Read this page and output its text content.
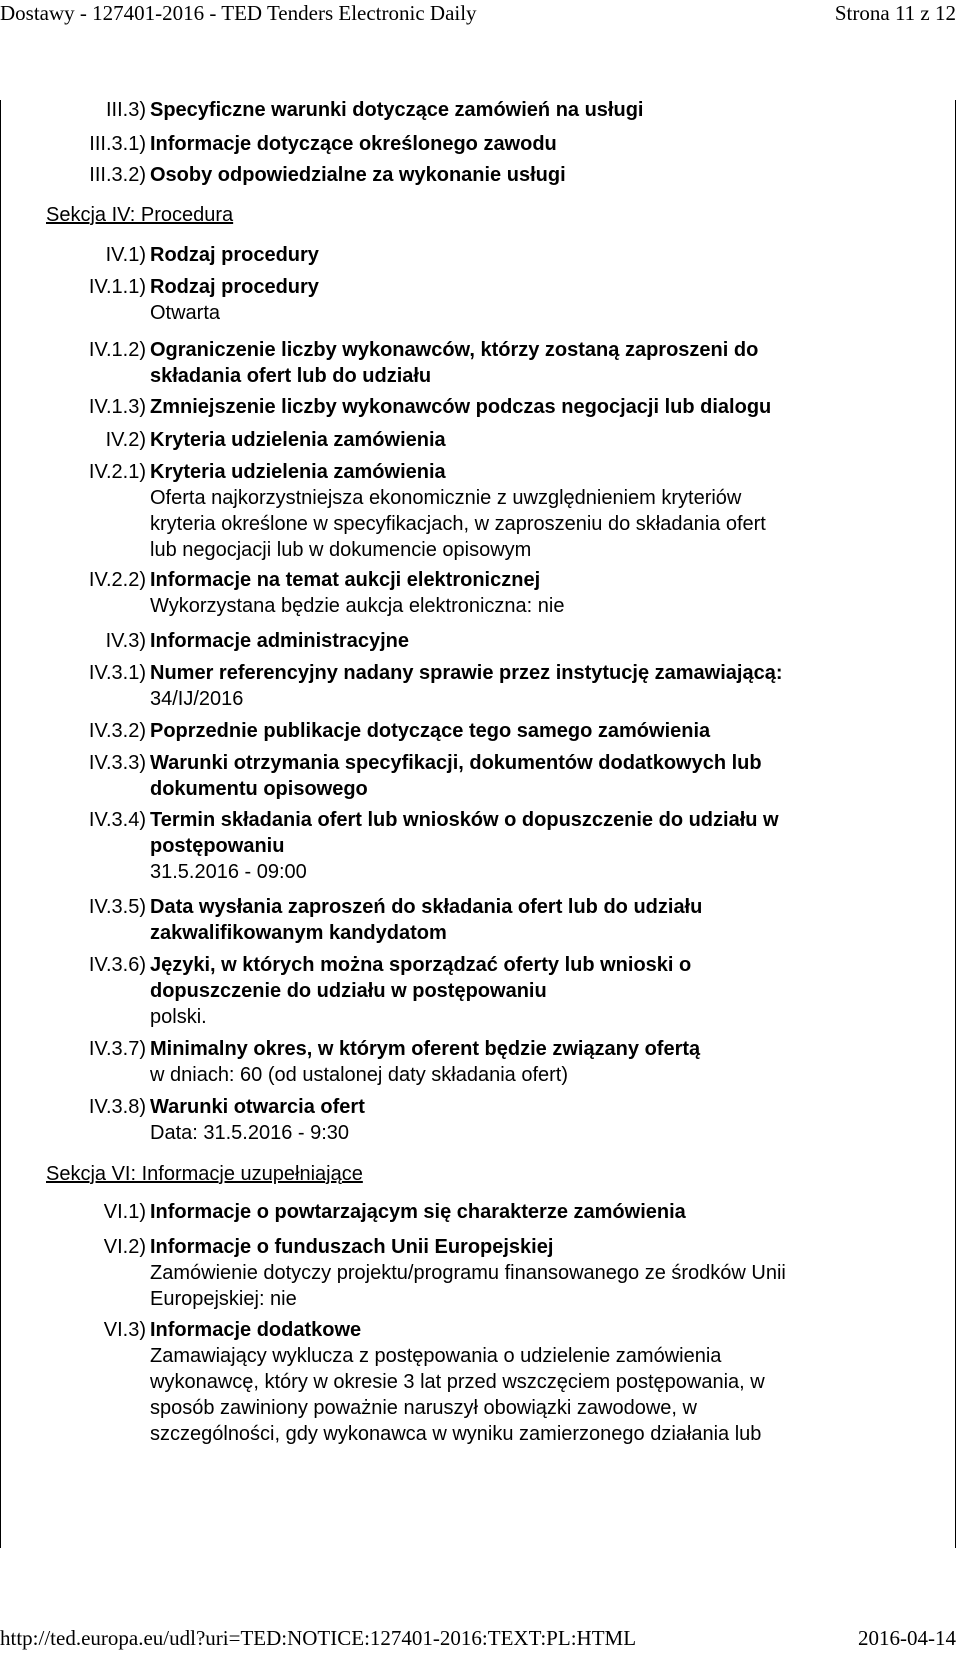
Dostawy - 127401-2016 - TED Tenders Electronic Daily	Strona 11 z 12
III.3) Specyficzne warunki dotyczące zamówień na usługi
III.3.1) Informacje dotyczące określonego zawodu
III.3.2) Osoby odpowiedzialne za wykonanie usługi
Sekcja IV: Procedura
IV.1) Rodzaj procedury
IV.1.1) Rodzaj procedury
Otwarta
IV.1.2) Ograniczenie liczby wykonawców, którzy zostaną zaproszeni do
składania ofert lub do udziału
IV.1.3) Zmniejszenie liczby wykonawców podczas negocjacji lub dialogu
IV.2) Kryteria udzielenia zamówienia
IV.2.1) Kryteria udzielenia zamówienia
Oferta najkorzystniejsza ekonomicznie z uwzględnieniem kryteriów
kryteria określone w specyfikacjach, w zaproszeniu do składania ofert
lub negocjacji lub w dokumencie opisowym
IV.2.2) Informacje na temat aukcji elektronicznej
Wykorzystana będzie aukcja elektroniczna: nie
IV.3) Informacje administracyjne
IV.3.1) Numer referencyjny nadany sprawie przez instytucję zamawiającą:
34/IJ/2016
IV.3.2) Poprzednie publikacje dotyczące tego samego zamówienia
IV.3.3) Warunki otrzymania specyfikacji, dokumentów dodatkowych lub
dokumentu opisowego
IV.3.4) Termin składania ofert lub wniosków o dopuszczenie do udziału w
postępowaniu
31.5.2016 - 09:00
IV.3.5) Data wysłania zaproszeń do składania ofert lub do udziału
zakwalifikowanym kandydatom
IV.3.6) Języki, w których można sporządzać oferty lub wnioski o
dopuszczenie do udziału w postępowaniu
polski.
IV.3.7) Minimalny okres, w którym oferent będzie związany ofertą
w dniach: 60 (od ustalonej daty składania ofert)
IV.3.8) Warunki otwarcia ofert
Data: 31.5.2016 - 9:30
Sekcja VI: Informacje uzupełniające
VI.1) Informacje o powtarzającym się charakterze zamówienia
VI.2) Informacje o funduszach Unii Europejskiej
Zamówienie dotyczy projektu/programu finansowanego ze środków Unii
Europejskiej: nie
VI.3) Informacje dodatkowe
Zamawiający wyklucza z postępowania o udzielenie zamówienia
wykonawcę, który w okresie 3 lat przed wszczęciem postępowania, w
sposób zawiniony poważnie naruszył obowiązki zawodowe, w
szczególności, gdy wykonawca w wyniku zamierzonego działania lub
http://ted.europa.eu/udl?uri=TED:NOTICE:127401-2016:TEXT:PL:HTML	2016-04-14
